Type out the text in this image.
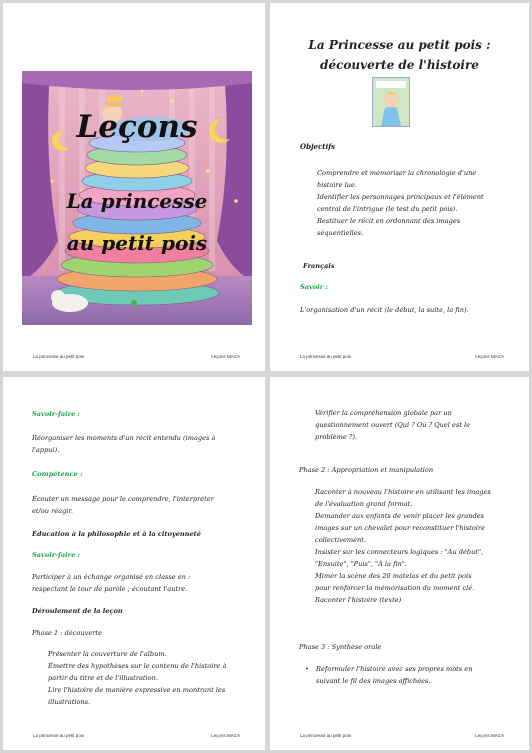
Leçons
La princesse
au petit pois
La princesse au petit pois	Leçons MACA
La Princesse au petit pois : découverte de l'histoire
Objectifs
Comprendre et mémoriser la chronologie d'une
histoire lue.
Identifier les personnages principaux et l'élément
central de l'intrigue (le test du petit pois).
Restituer le récit en ordonnant des images
séquentielles.
Français
Savoir :
L'organisation d'un récit (le début, la suite, la fin).
La princesse au petit pois	Leçons MACA
Savoir-faire :
Réorganiser les moments d'un récit entendu (images à
l'appui).
Compétence :
Écouter un message pour le comprendre, l'interpréter
et/ou réagir.
Éducation à la philosophie et à la citoyenneté
Savoir-faire :
Participer à un échange organisé en classe en :
respectant le tour de parole ; écoutant l'autre.
Déroulement de la leçon
Phase 1 : découverte
Présenter la couverture de l'album.
Émettre des hypothèses sur le contenu de l'histoire à
partir du titre et de l'illustration.
Lire l'histoire de manière expressive en montrant les
illustrations.
La princesse au petit pois	Leçons MACA
Vérifier la compréhension globale par un
questionnement ouvert (Qui ? Où ? Quel est le
problème ?).
Phase 2 : Appropriation et manipulation
Raconter à nouveau l'histoire en utilisant les images
de l'évaluation grand format.
Demander aux enfants de venir placer les grandes
images sur un chevalet pour reconstituer l'histoire
collectivement.
Insister sur les connecteurs logiques : "Au début",
"Ensuite", "Puis", "À la fin".
Mimer la scène des 20 matelas et du petit pois
pour renforcer la mémorisation du moment clé.
Raconter l'histoire (texte)
Phase 3 : Synthèse orale
• Reformuler l'histoire avec ses propres mots en
suivant le fil des images affichées.
La princesse au petit pois	Leçons MACA
